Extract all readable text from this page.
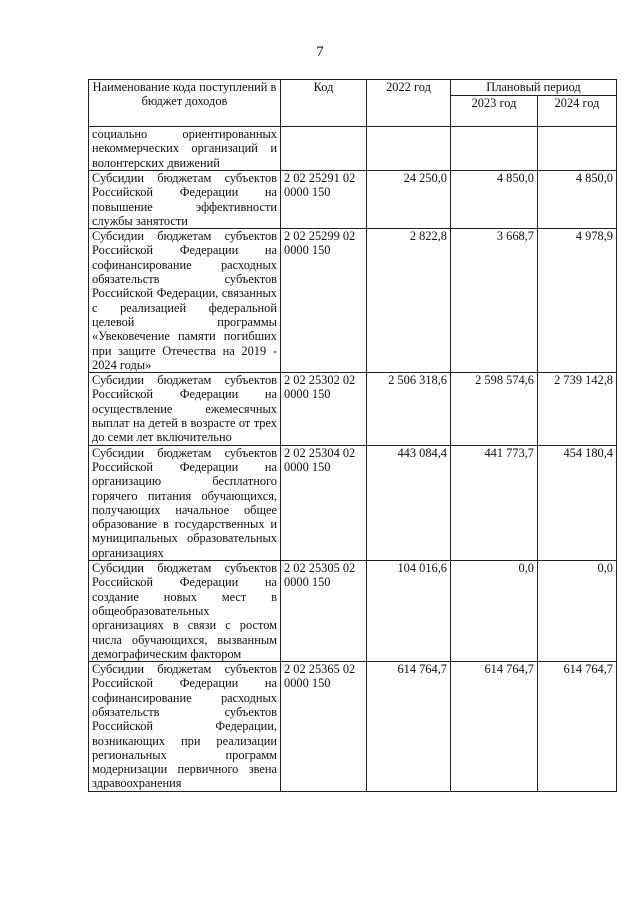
7
Наименование кода поступлений в бюджет доходов	Код	2022 год	Плановый период	
			2023 год	2024 год
социально ориентированных некоммерческих организаций и волонтерских движений				
Субсидии бюджетам субъектов Российской Федерации на повышение эффективности службы занятости	2 02 25291 02 0000 150	24 250,0	4 850,0	4 850,0
Субсидии бюджетам субъектов Российской Федерации на софинансирование расходных обязательств субъектов Российской Федерации, связанных с реализацией федеральной целевой программы «Увековечение памяти погибших при защите Отечества на 2019 - 2024 годы»	2 02 25299 02 0000 150	2 822,8	3 668,7	4 978,9
Субсидии бюджетам субъектов Российской Федерации на осуществление ежемесячных выплат на детей в возрасте от трех до семи лет включительно	2 02 25302 02 0000 150	2 506 318,6	2 598 574,6	2 739 142,8
Субсидии бюджетам субъектов Российской Федерации на организацию бесплатного горячего питания обучающихся, получающих начальное общее образование в государственных и муниципальных образовательных организациях	2 02 25304 02 0000 150	443 084,4	441 773,7	454 180,4
Субсидии бюджетам субъектов Российской Федерации на создание новых мест в общеобразовательных организациях в связи с ростом числа обучающихся, вызванным демографическим фактором	2 02 25305 02 0000 150	104 016,6	0,0	0,0
Субсидии бюджетам субъектов Российской Федерации на софинансирование расходных обязательств субъектов Российской Федерации, возникающих при реализации региональных программ модернизации первичного звена здравоохранения	2 02 25365 02 0000 150	614 764,7	614 764,7	614 764,7
